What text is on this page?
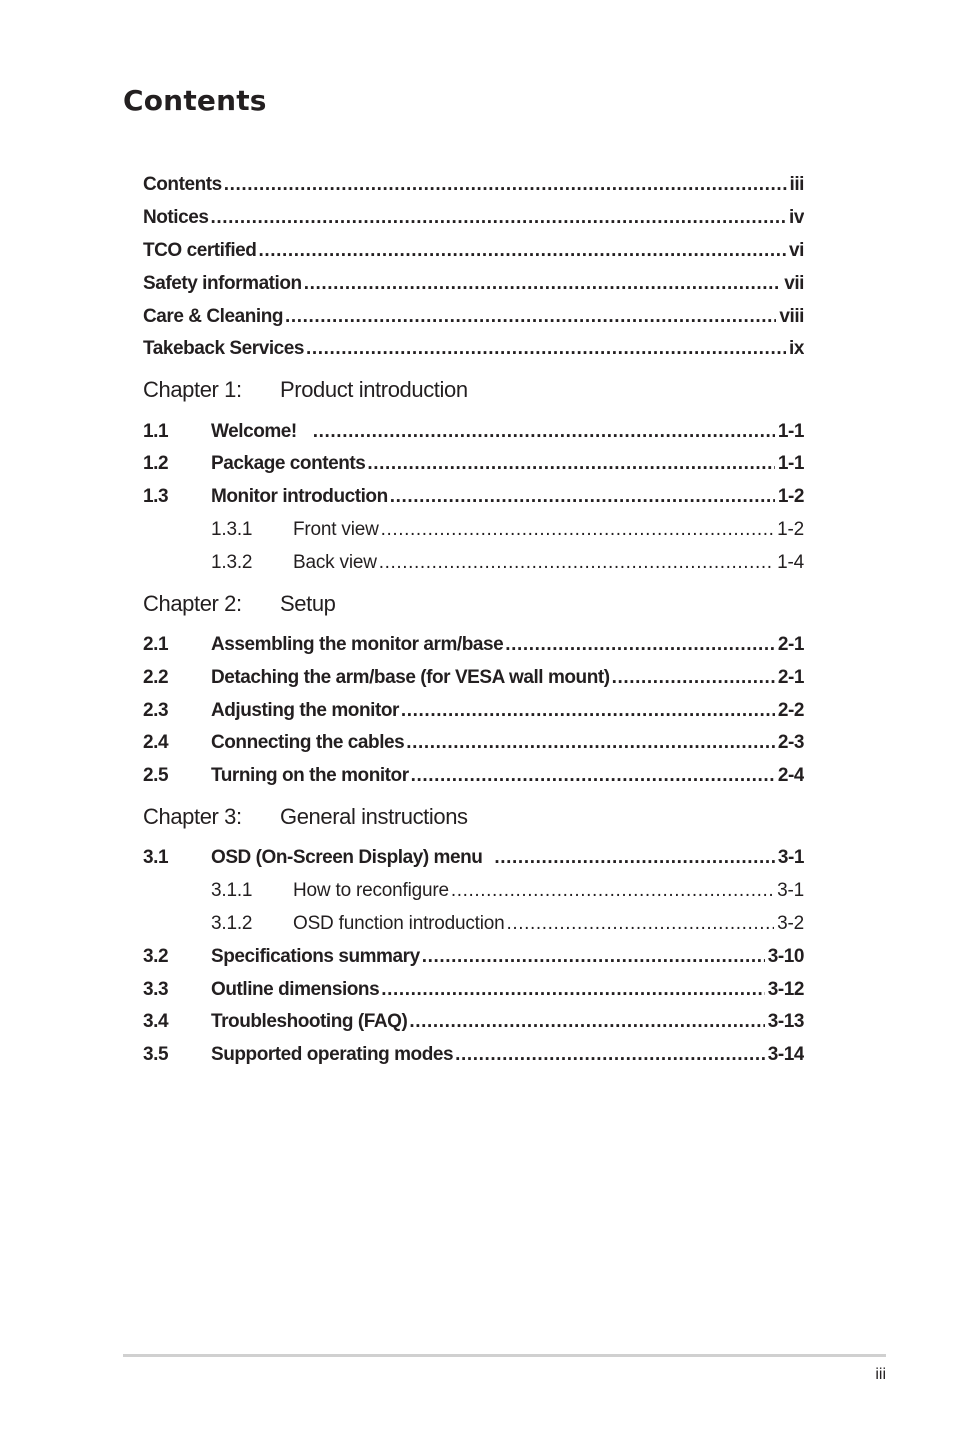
Contents
Contents .....	iii
Notices .....	iv
TCO certified .....	vi
Safety information .....	vii
Care & Cleaning .....	viii
Takeback Services .....	ix
Chapter 1:	Product introduction
1.1	Welcome! .....	1-1
1.2	Package contents .....	1-1
1.3	Monitor introduction .....	1-2
1.3.1	Front view .....	1-2
1.3.2	Back view .....	1-4
Chapter 2:	Setup
2.1	Assembling the monitor arm/base .....	2-1
2.2	Detaching the arm/base (for VESA wall mount) .....	2-1
2.3	Adjusting the monitor .....	2-2
2.4	Connecting the cables .....	2-3
2.5	Turning on the monitor .....	2-4
Chapter 3:	General instructions
3.1	OSD (On-Screen Display) menu .....	3-1
3.1.1	How to reconfigure .....	3-1
3.1.2	OSD function introduction .....	3-2
3.2	Specifications summary .....	3-10
3.3	Outline dimensions .....	3-12
3.4	Troubleshooting (FAQ) .....	3-13
3.5	Supported operating modes .....	3-14
iii
